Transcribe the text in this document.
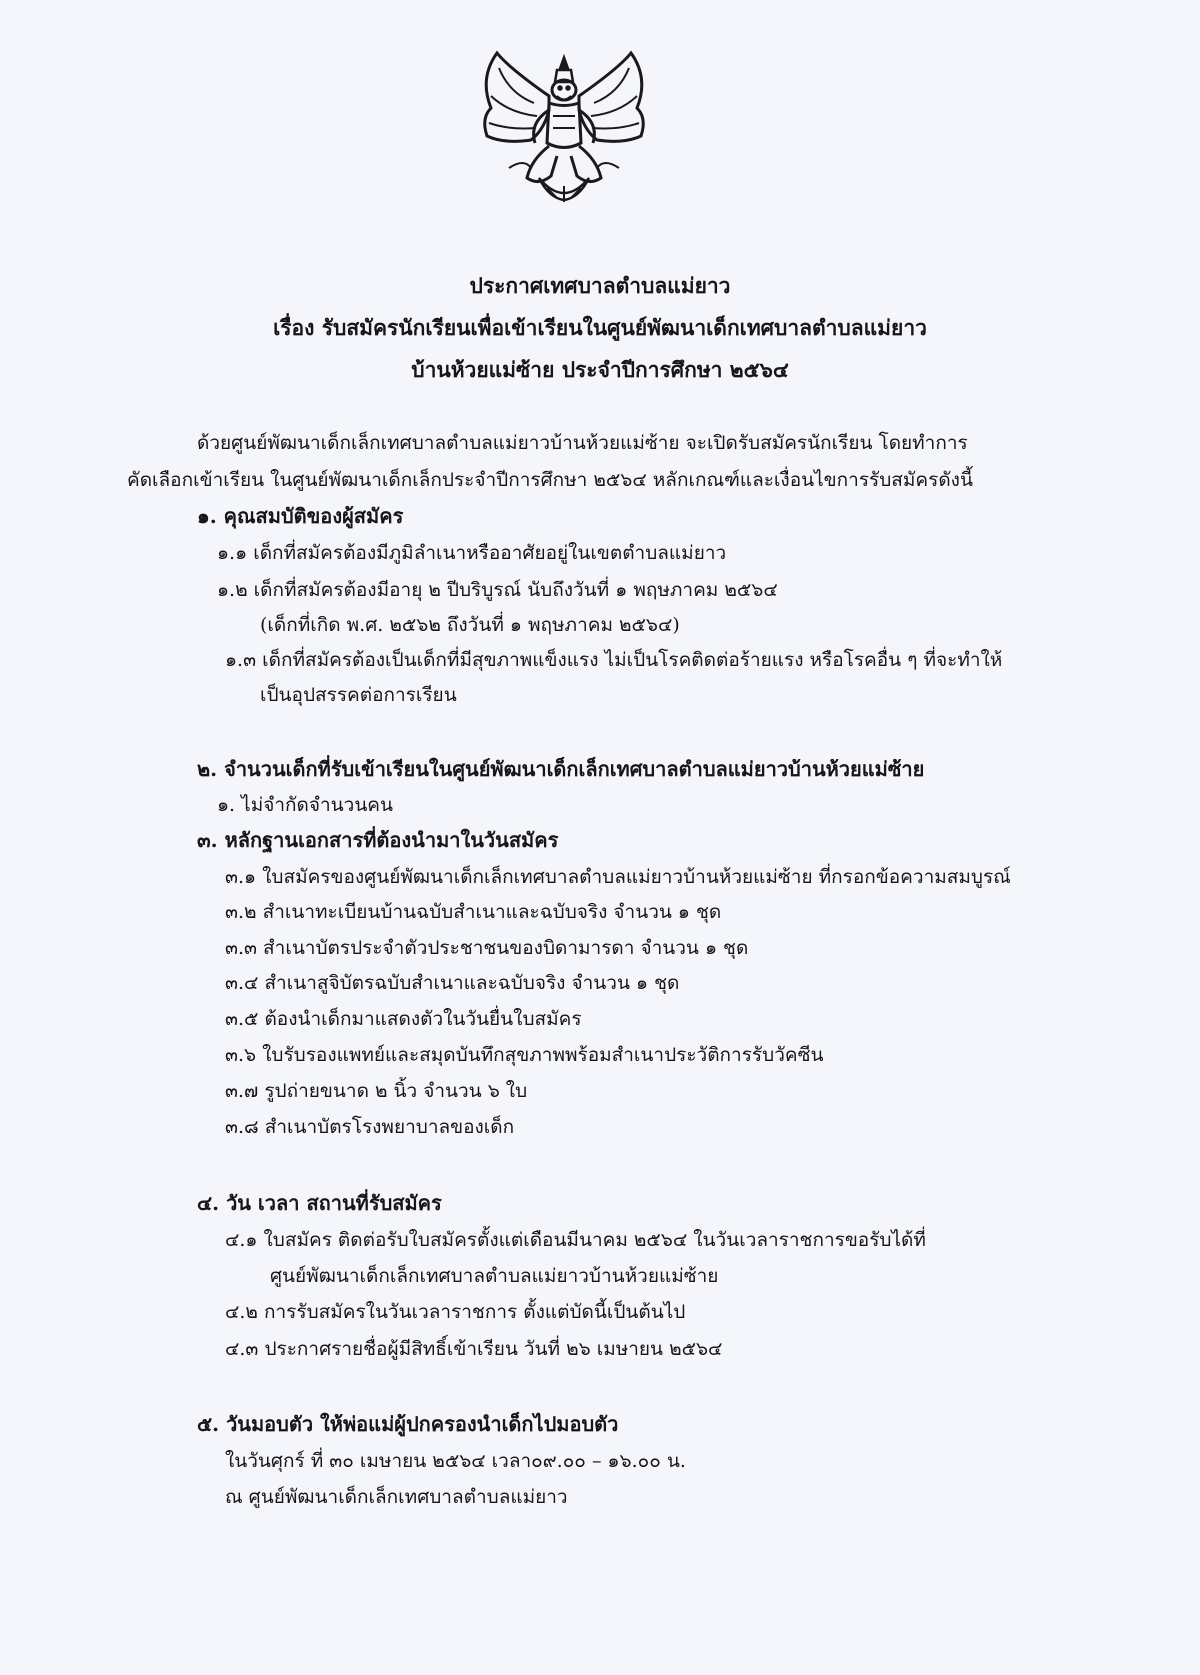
ประกาศเทศบาลตำบลแม่ยาว
เรื่อง รับสมัครนักเรียนเพื่อเข้าเรียนในศูนย์พัฒนาเด็กเทศบาลตำบลแม่ยาว
บ้านห้วยแม่ซ้าย ประจำปีการศึกษา ๒๕๖๔
ด้วยศูนย์พัฒนาเด็กเล็กเทศบาลตำบลแม่ยาวบ้านห้วยแม่ซ้าย จะเปิดรับสมัครนักเรียน โดยทำการ
คัดเลือกเข้าเรียน ในศูนย์พัฒนาเด็กเล็กประจำปีการศึกษา ๒๕๖๔ หลักเกณฑ์และเงื่อนไขการรับสมัครดังนี้
๑. คุณสมบัติของผู้สมัคร
๑.๑ เด็กที่สมัครต้องมีภูมิลำเนาหรืออาศัยอยู่ในเขตตำบลแม่ยาว
๑.๒ เด็กที่สมัครต้องมีอายุ ๒ ปีบริบูรณ์ นับถึงวันที่ ๑ พฤษภาคม ๒๕๖๔
(เด็กที่เกิด พ.ศ. ๒๕๖๒ ถึงวันที่ ๑ พฤษภาคม ๒๕๖๔)
๑.๓ เด็กที่สมัครต้องเป็นเด็กที่มีสุขภาพแข็งแรง ไม่เป็นโรคติดต่อร้ายแรง หรือโรคอื่น ๆ ที่จะทำให้
เป็นอุปสรรคต่อการเรียน
๒. จำนวนเด็กที่รับเข้าเรียนในศูนย์พัฒนาเด็กเล็กเทศบาลตำบลแม่ยาวบ้านห้วยแม่ซ้าย
๑. ไม่จำกัดจำนวนคน
๓. หลักฐานเอกสารที่ต้องนำมาในวันสมัคร
๓.๑ ใบสมัครของศูนย์พัฒนาเด็กเล็กเทศบาลตำบลแม่ยาวบ้านห้วยแม่ซ้าย ที่กรอกข้อความสมบูรณ์
๓.๒ สำเนาทะเบียนบ้านฉบับสำเนาและฉบับจริง จำนวน ๑ ชุด
๓.๓ สำเนาบัตรประจำตัวประชาชนของบิดามารดา จำนวน ๑ ชุด
๓.๔ สำเนาสูจิบัตรฉบับสำเนาและฉบับจริง จำนวน ๑ ชุด
๓.๕ ต้องนำเด็กมาแสดงตัวในวันยื่นใบสมัคร
๓.๖ ใบรับรองแพทย์และสมุดบันทึกสุขภาพพร้อมสำเนาประวัติการรับวัคซีน
๓.๗ รูปถ่ายขนาด ๒ นิ้ว จำนวน ๖ ใบ
๓.๘ สำเนาบัตรโรงพยาบาลของเด็ก
๔. วัน เวลา สถานที่รับสมัคร
๔.๑ ใบสมัคร ติดต่อรับใบสมัครตั้งแต่เดือนมีนาคม ๒๕๖๔ ในวันเวลาราชการขอรับได้ที่
ศูนย์พัฒนาเด็กเล็กเทศบาลตำบลแม่ยาวบ้านห้วยแม่ซ้าย
๔.๒ การรับสมัครในวันเวลาราชการ ตั้งแต่บัดนี้เป็นต้นไป
๔.๓ ประกาศรายชื่อผู้มีสิทธิ์เข้าเรียน วันที่ ๒๖ เมษายน ๒๕๖๔
๕. วันมอบตัว ให้พ่อแม่ผู้ปกครองนำเด็กไปมอบตัว
ในวันศุกร์ ที่ ๓๐ เมษายน ๒๕๖๔ เวลา๐๙.๐๐ – ๑๖.๐๐ น.
ณ ศูนย์พัฒนาเด็กเล็กเทศบาลตำบลแม่ยาว
